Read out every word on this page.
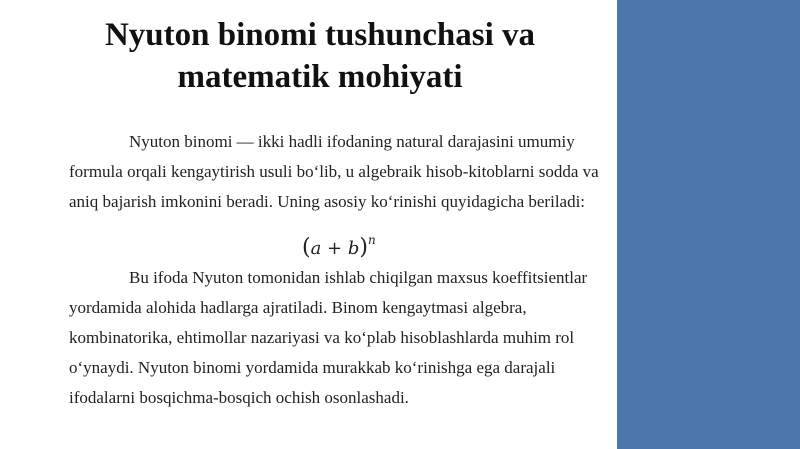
Nyuton binomi tushunchasi va
matematik mohiyati
Nyuton binomi — ikki hadli ifodaning natural darajasini umumiy
formula orqali kengaytirish usuli bo‘lib, u algebraik hisob-kitoblarni sodda va
aniq bajarish imkonini beradi. Uning asosiy ko‘rinishi quyidagicha beriladi:
$(a + b)^n$
Bu ifoda Nyuton tomonidan ishlab chiqilgan maxsus koeffitsientlar
yordamida alohida hadlarga ajratiladi. Binom kengaytmasi algebra,
kombinatorika, ehtimollar nazariyasi va ko‘plab hisoblashlarda muhim rol
o‘ynaydi. Nyuton binomi yordamida murakkab ko‘rinishga ega darajali
ifodalarni bosqichma-bosqich ochish osonlashadi.
